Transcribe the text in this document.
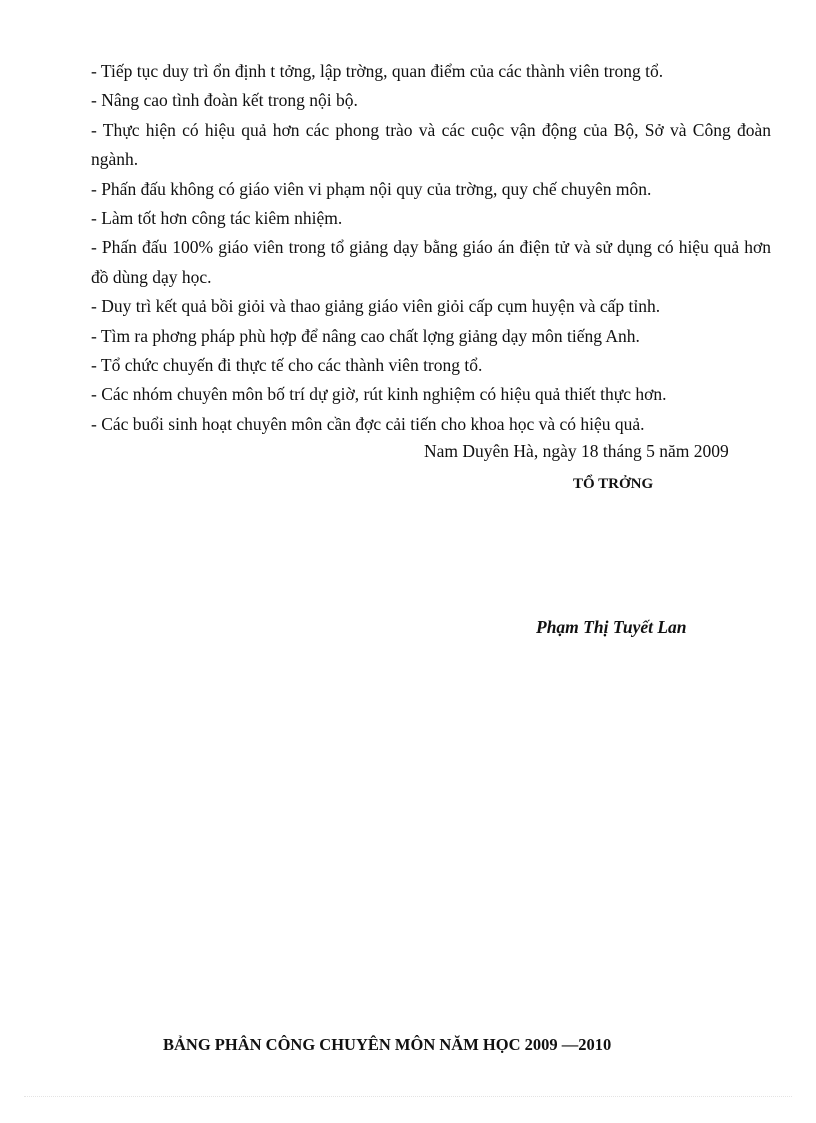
- Tiếp tục duy trì ổn định t tởng, lập trờng, quan điểm của các thành viên trong tổ.
- Nâng cao tình đoàn kết trong nội bộ.
- Thực hiện có hiệu quả hơn các phong trào và các cuộc vận động của Bộ, Sở và Công đoàn ngành.
- Phấn đấu không có giáo viên vi phạm nội quy của trờng, quy chế chuyên môn.
- Làm tốt hơn công tác kiêm nhiệm.
- Phấn đấu 100% giáo viên trong tổ giảng dạy bằng giáo án điện tử và sử dụng có hiệu quả hơn đồ dùng dạy học.
- Duy trì kết quả bồi giỏi và thao giảng giáo viên giỏi cấp cụm huyện và cấp tỉnh.
- Tìm ra phơng pháp phù hợp để nâng cao chất lợng giảng dạy môn tiếng Anh.
- Tổ chức chuyến đi thực tế cho các thành viên trong tổ.
- Các nhóm chuyên môn bố trí dự giờ, rút kinh nghiệm có hiệu quả thiết thực hơn.
- Các buổi sinh hoạt chuyên môn cần đợc cải tiến cho khoa học và có hiệu quả.
Nam Duyên Hà, ngày 18 tháng 5 năm 2009
TỔ TRỞNG
Phạm Thị Tuyết Lan
BẢNG PHÂN CÔNG CHUYÊN MÔN NĂM HỌC 2009 —2010
